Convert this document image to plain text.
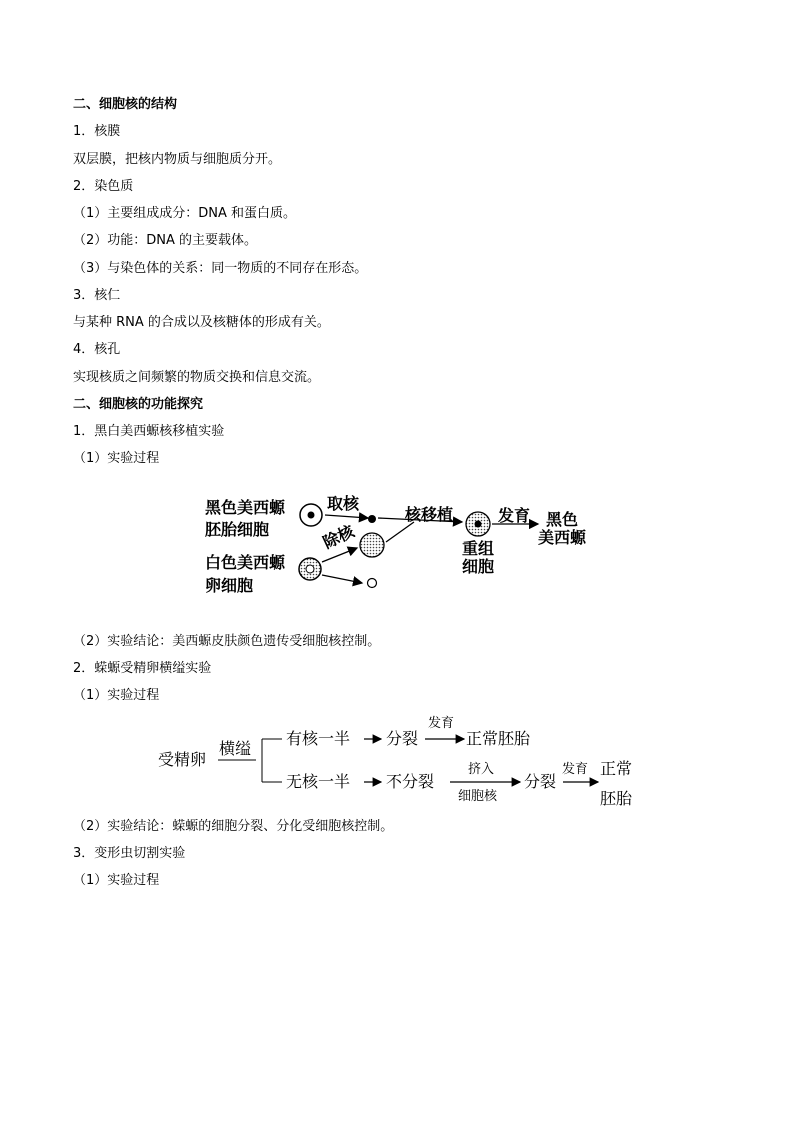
二、细胞核的结构
1．核膜
双层膜，把核内物质与细胞质分开。
2．染色质
（1）主要组成成分：DNA 和蛋白质。
（2）功能：DNA 的主要载体。
（3）与染色体的关系：同一物质的不同存在形态。
3．核仁
与某种 RNA 的合成以及核糖体的形成有关。
4．核孔
实现核质之间频繁的物质交换和信息交流。
二、细胞核的功能探究
1．黑白美西螈核移植实验
（1）实验过程
黑色美西螈
胚胎细胞
取核
白色美西螈
卵细胞
除核
核移植
重组
细胞
发育 黑色
美西螈
（2）实验结论：美西螈皮肤颜色遗传受细胞核控制。
2．蝾螈受精卵横缢实验
（1）实验过程
受精卵
横缢
有核一半 分裂
发育
正常胚胎
无核一半 不分裂
挤入
细胞核
分裂
发育 正常
胚胎
（2）实验结论：蝾螈的细胞分裂、分化受细胞核控制。
3．变形虫切割实验
（1）实验过程
